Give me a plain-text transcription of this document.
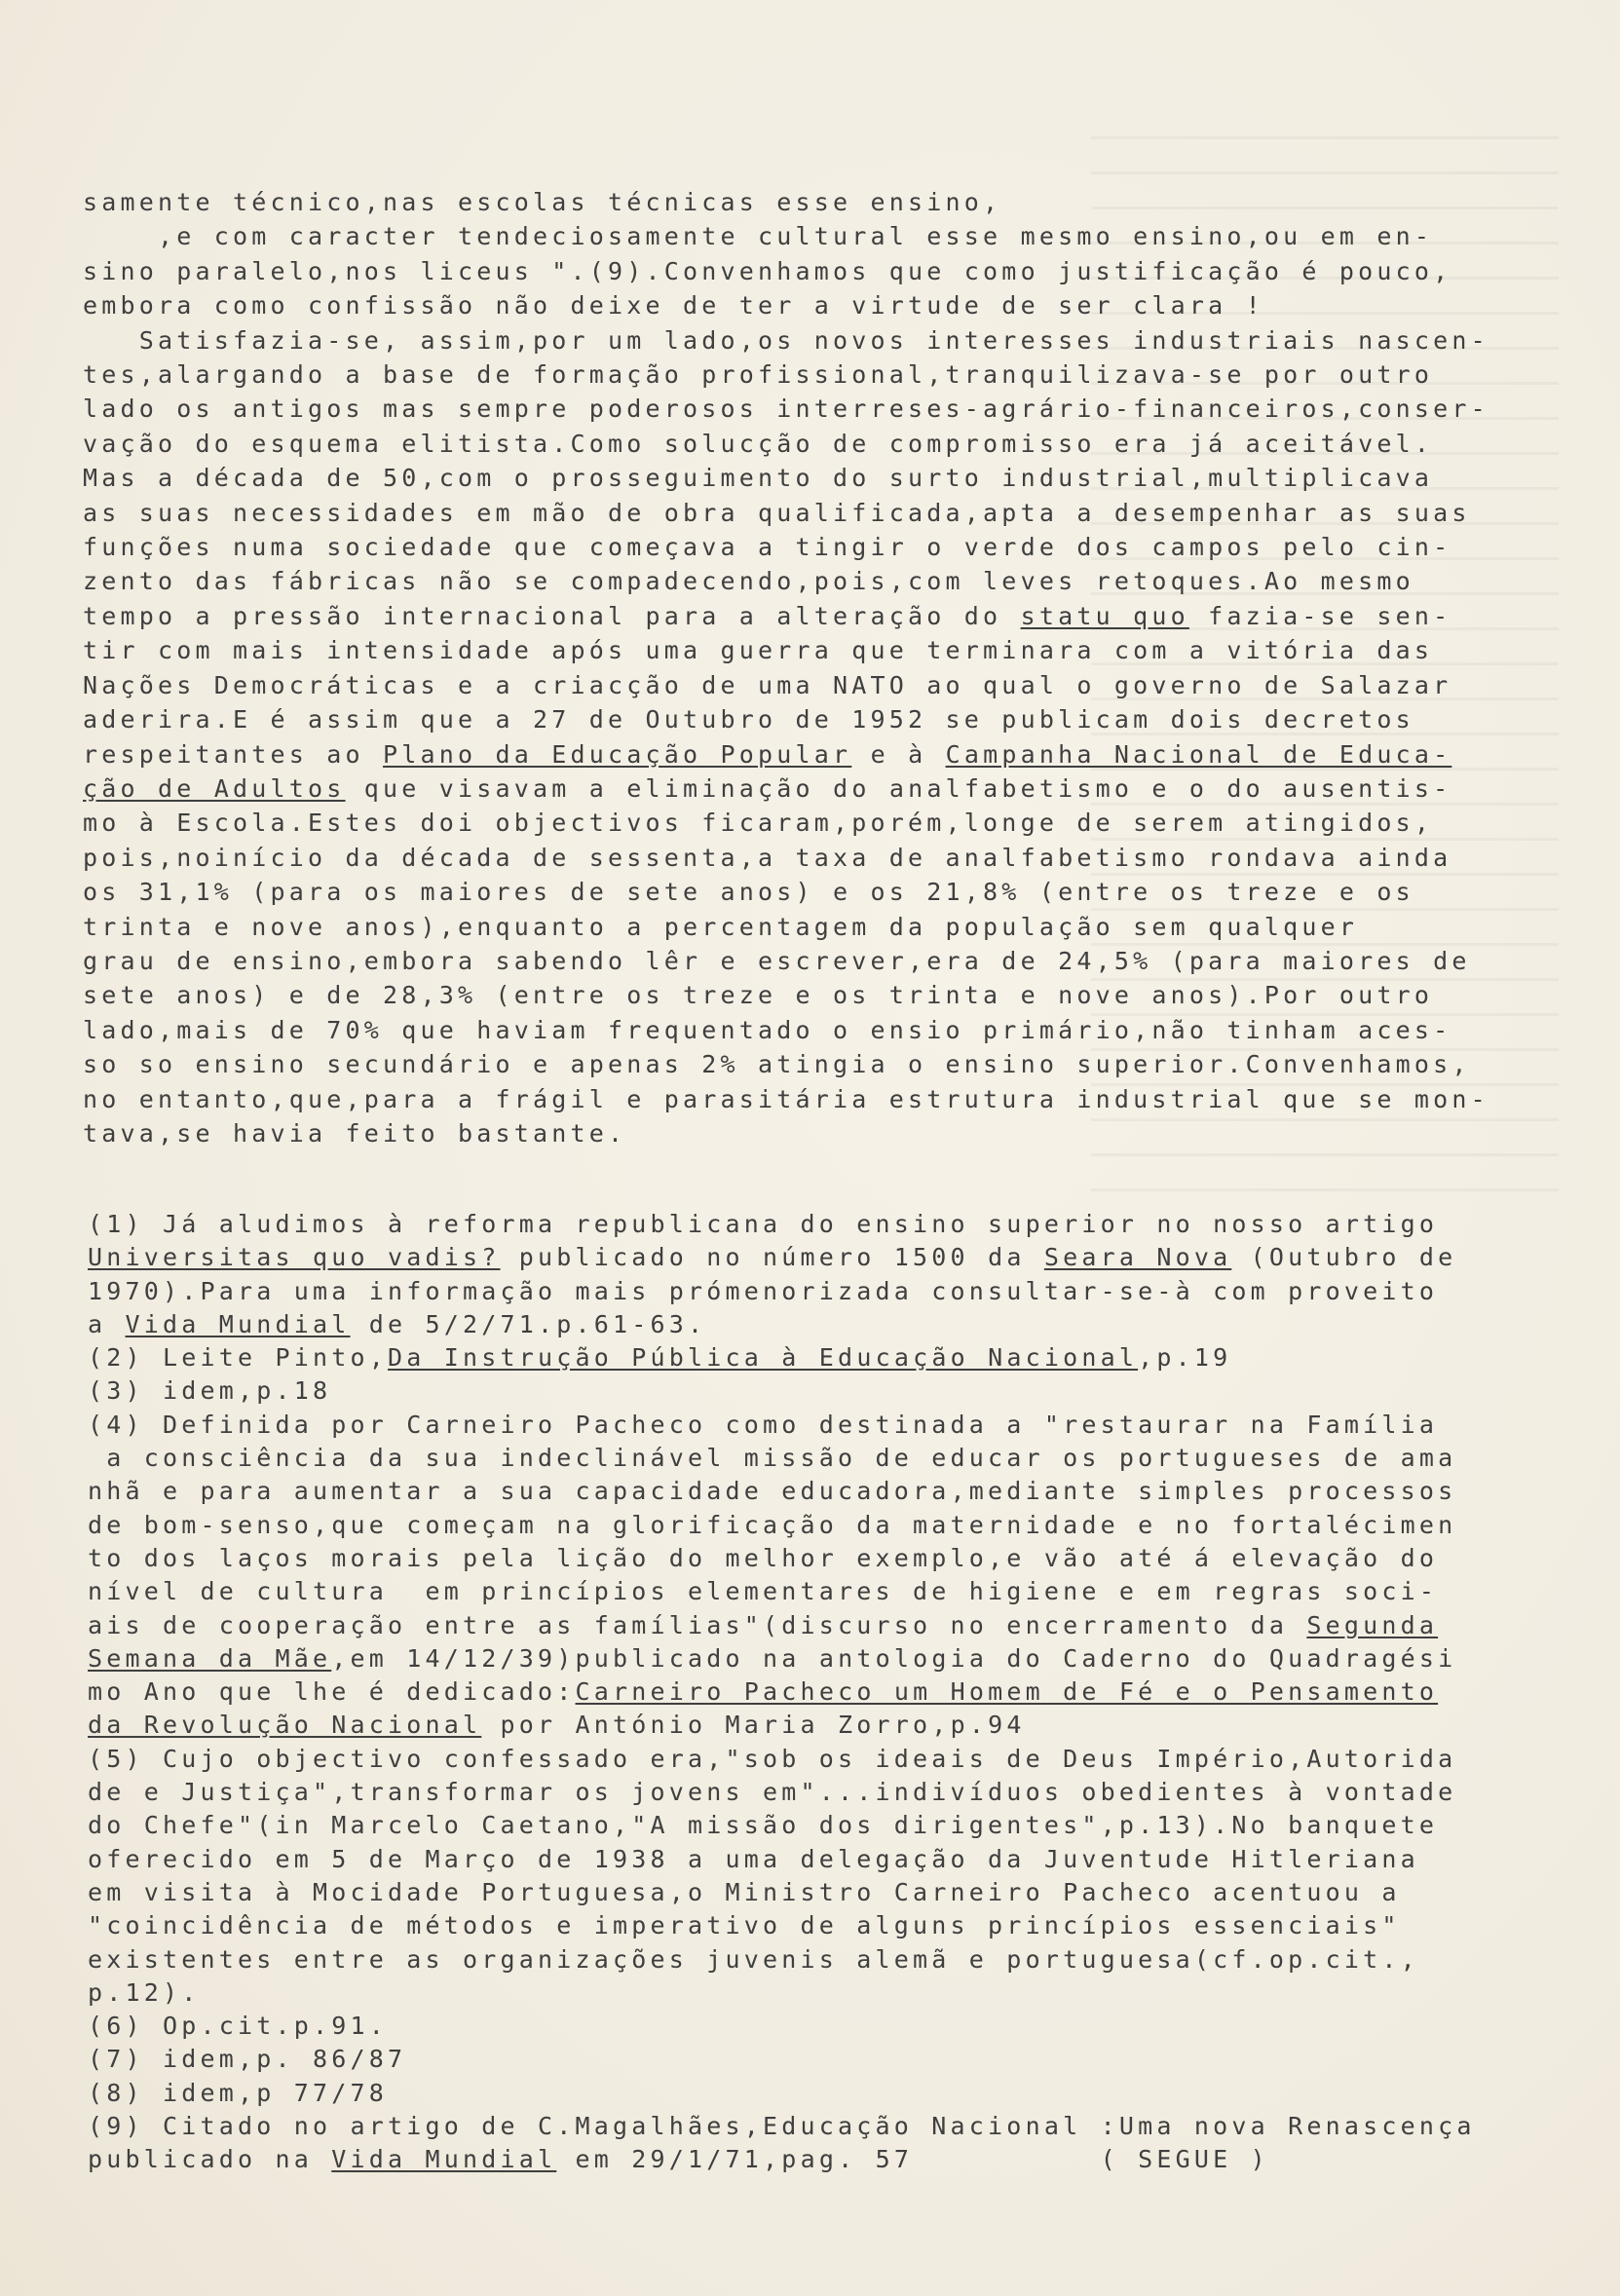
samente técnico,nas escolas técnicas esse ensino,
,e com caracter tendeciosamente cultural esse mesmo ensino,ou em en-
sino paralelo,nos liceus ".(9).Convenhamos que como justificação é pouco,
embora como confissão não deixe de ter a virtude de ser clara !
Satisfazia-se, assim,por um lado,os novos interesses industriais nascen-
tes,alargando a base de formação profissional,tranquilizava-se por outro
lado os antigos mas sempre poderosos interreses-agrário-financeiros,conser-
vação do esquema elitista.Como solucção de compromisso era já aceitável.
Mas a década de 50,com o prosseguimento do surto industrial,multiplicava
as suas necessidades em mão de obra qualificada,apta a desempenhar as suas
funções numa sociedade que começava a tingir o verde dos campos pelo cin-
zento das fábricas não se compadecendo,pois,com leves retoques.Ao mesmo
tempo a pressão internacional para a alteração do statu quo fazia-se sen-
tir com mais intensidade após uma guerra que terminara com a vitória das
Nações Democráticas e a criacção de uma NATO ao qual o governo de Salazar
aderira.E é assim que a 27 de Outubro de 1952 se publicam dois decretos
respeitantes ao Plano da Educação Popular e à Campanha Nacional de Educa-
ção de Adultos que visavam a eliminação do analfabetismo e o do ausentis-
mo à Escola.Estes doi objectivos ficaram,porém,longe de serem atingidos,
pois,noinício da década de sessenta,a taxa de analfabetismo rondava ainda
os 31,1% (para os maiores de sete anos) e os 21,8% (entre os treze e os
trinta e nove anos),enquanto a percentagem da população sem qualquer
grau de ensino,embora sabendo lêr e escrever,era de 24,5% (para maiores de
sete anos) e de 28,3% (entre os treze e os trinta e nove anos).Por outro
lado,mais de 70% que haviam frequentado o ensio primário,não tinham aces-
so so ensino secundário e apenas 2% atingia o ensino superior.Convenhamos,
no entanto,que,para a frágil e parasitária estrutura industrial que se mon-
tava,se havia feito bastante.
(1) Já aludimos à reforma republicana do ensino superior no nosso artigo
Universitas quo vadis? publicado no número 1500 da Seara Nova (Outubro de
1970).Para uma informação mais prómenorizada consultar-se-à com proveito
a Vida Mundial de 5/2/71.p.61-63.
(2) Leite Pinto,Da Instrução Pública à Educação Nacional,p.19
(3) idem,p.18
(4) Definida por Carneiro Pacheco como destinada a "restaurar na Família
a consciência da sua indeclinável missão de educar os portugueses de ama
nhã e para aumentar a sua capacidade educadora,mediante simples processos
de bom-senso,que começam na glorificação da maternidade e no fortalécimen
to dos laços morais pela lição do melhor exemplo,e vão até á elevação do
nível de cultura  em princípios elementares de higiene e em regras soci-
ais de cooperação entre as famílias"(discurso no encerramento da Segunda
Semana da Mãe,em 14/12/39)publicado na antologia do Caderno do Quadragési
mo Ano que lhe é dedicado:Carneiro Pacheco um Homem de Fé e o Pensamento
da Revolução Nacional por António Maria Zorro,p.94
(5) Cujo objectivo confessado era,"sob os ideais de Deus Império,Autorida
de e Justiça",transformar os jovens em"...indivíduos obedientes à vontade
do Chefe"(in Marcelo Caetano,"A missão dos dirigentes",p.13).No banquete
oferecido em 5 de Março de 1938 a uma delegação da Juventude Hitleriana
em visita à Mocidade Portuguesa,o Ministro Carneiro Pacheco acentuou a
"coincidência de métodos e imperativo de alguns princípios essenciais"
existentes entre as organizações juvenis alemã e portuguesa(cf.op.cit.,
p.12).
(6) Op.cit.p.91.
(7) idem,p. 86/87
(8) idem,p 77/78
(9) Citado no artigo de C.Magalhães,Educação Nacional :Uma nova Renascença
publicado na Vida Mundial em 29/1/71,pag. 57          ( SEGUE )
